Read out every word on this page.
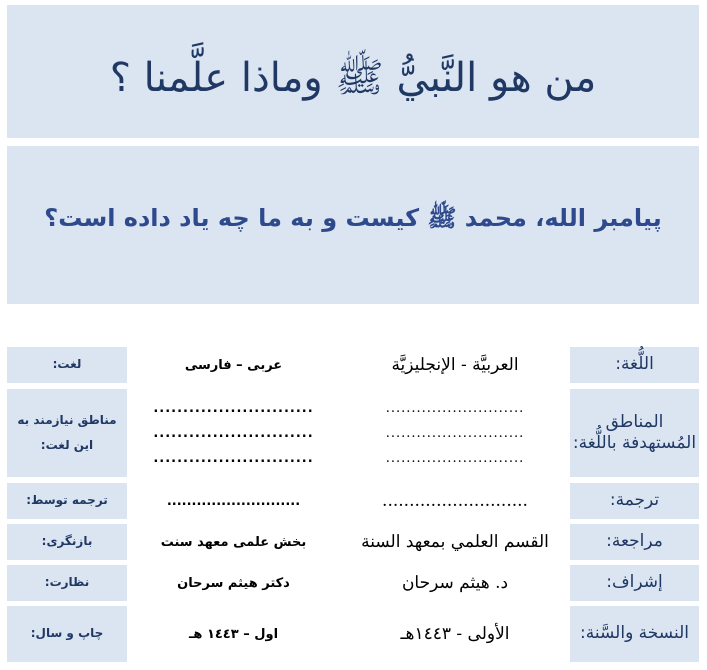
من هو النَّبيُّ ﷺ وماذا علَّمنا ؟
پیامبر الله، محمد ﷺ کیست و به ما چه یاد داده است؟
اللُّغة:
العربيَّة - الإنجليزيَّة
عربی – فارسی
لغت:
المناطق المُستهدفة باللُّغة:
...........................
...........................
...........................
...........................
...........................
...........................
مناطق نیازمند به این لغت:
ترجمة:
...........................
...........................
ترجمه توسط:
مراجعة:
القسم العلمي بمعهد السنة
بخش علمی معهد سنت
بازنگری:
إشراف:
د. هيثم سرحان
دکتر هیثم سرحان
نظارت:
النسخة والسَّنة:
الأولى - ١٤٤٣هـ
اول – ١٤٤٣ هـ
چاپ و سال:
